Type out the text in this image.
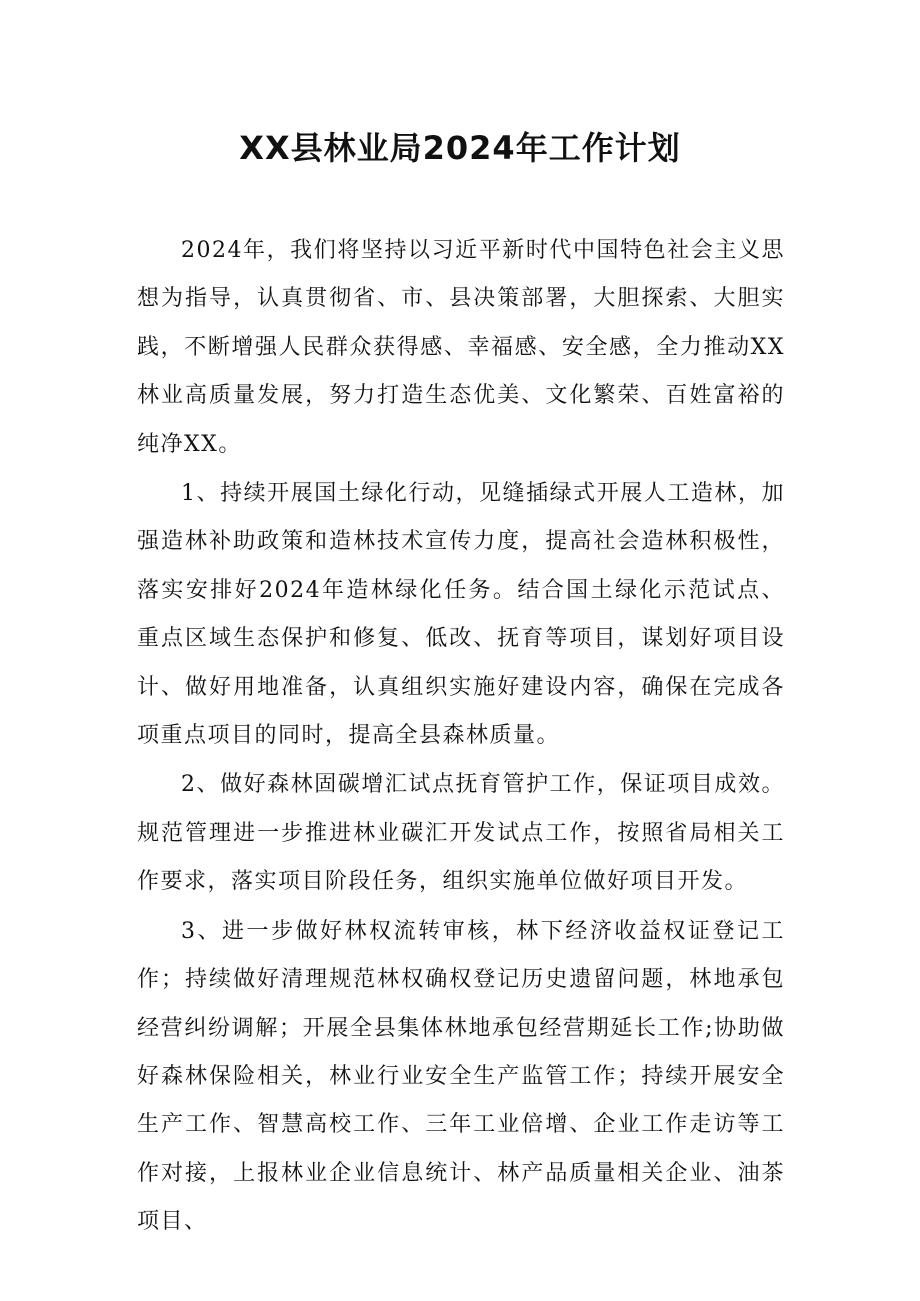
XX县林业局2024年工作计划

2024年，我们将坚持以习近平新时代中国特色社会主义思想为指导，认真贯彻省、市、县决策部署，大胆探索、大胆实践，不断增强人民群众获得感、幸福感、安全感，全力推动XX林业高质量发展，努力打造生态优美、文化繁荣、百姓富裕的纯净XX。

1、持续开展国土绿化行动，见缝插绿式开展人工造林，加强造林补助政策和造林技术宣传力度，提高社会造林积极性，落实安排好2024年造林绿化任务。结合国土绿化示范试点、重点区域生态保护和修复、低改、抚育等项目，谋划好项目设计、做好用地准备，认真组织实施好建设内容，确保在完成各项重点项目的同时，提高全县森林质量。

2、做好森林固碳增汇试点抚育管护工作，保证项目成效。规范管理进一步推进林业碳汇开发试点工作，按照省局相关工作要求，落实项目阶段任务，组织实施单位做好项目开发。

3、进一步做好林权流转审核，林下经济收益权证登记工作；持续做好清理规范林权确权登记历史遗留问题，林地承包经营纠纷调解；开展全县集体林地承包经营期延长工作;协助做好森林保险相关，林业行业安全生产监管工作；持续开展安全生产工作、智慧高校工作、三年工业倍增、企业工作走访等工作对接，上报林业企业信息统计、林产品质量相关企业、油茶项目、
